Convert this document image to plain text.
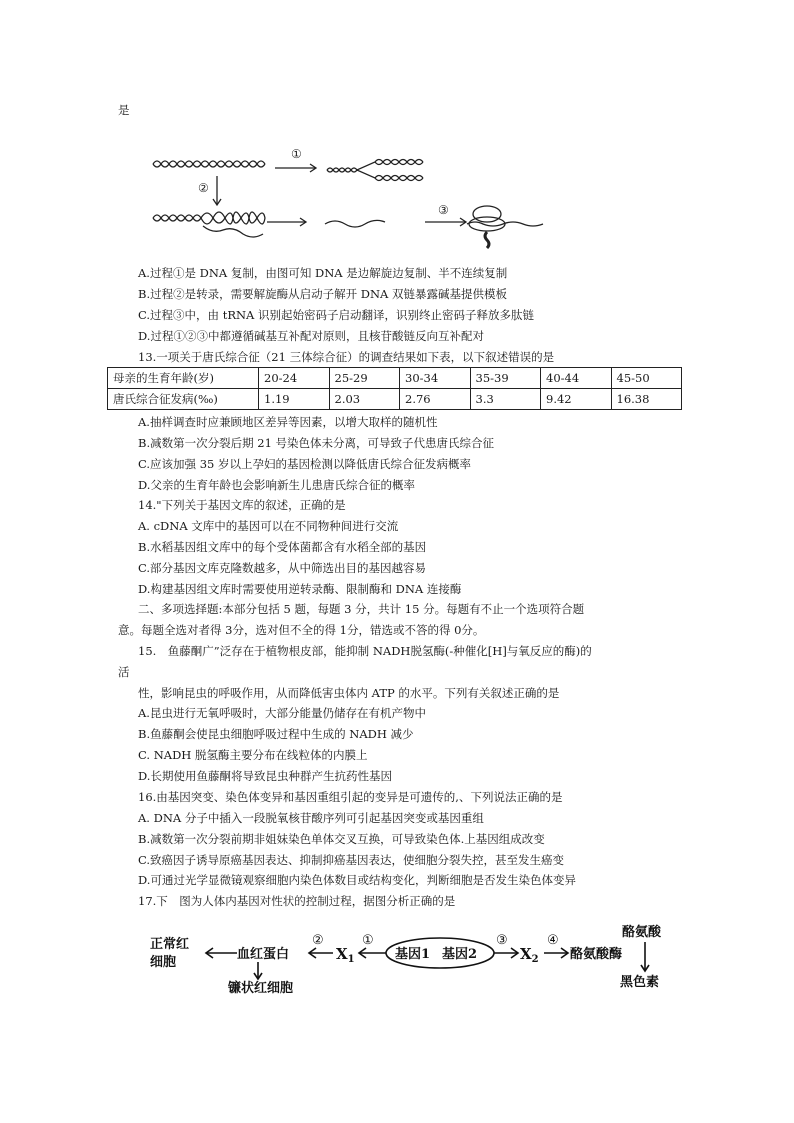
是
①
②
③
A.过程①是 DNA 复制，由图可知 DNA 是边解旋边复制、半不连续复制
B.过程②是转录，需要解旋酶从启动子解开 DNA 双链暴露碱基提供模板
C.过程③中，由 tRNA 识别起始密码子启动翻译，识别终止密码子释放多肽链
D.过程①②③中都遵循碱基互补配对原则，且核苷酸链反向互补配对
13.一项关于唐氏综合征（21 三体综合征）的调查结果如下表，以下叙述错误的是
母亲的生育年龄(岁)	20-24	25-29	30-34	35-39	40-44	45-50
唐氏综合征发病(‰)	1.19	2.03	2.76	3.3	9.42	16.38
A.抽样调查时应兼顾地区差异等因素，以增大取样的随机性
B.减数第一次分裂后期 21 号染色体未分离，可导致子代患唐氏综合征
C.应该加强 35 岁以上孕妇的基因检测以降低唐氏综合征发病概率
D.父亲的生育年龄也会影响新生儿患唐氏综合征的概率
14."下列关于基因文库的叙述，正确的是
A. cDNA 文库中的基因可以在不同物种间进行交流
B.水稻基因组文库中的每个受体菌都含有水稻全部的基因
C.部分基因文库克隆数越多，从中筛选出目的基因越容易
D.构建基因组文库时需要使用逆转录酶、限制酶和 DNA 连接酶
二、多项选择题:本部分包括 5 题，每题 3 分，共计 15 分。每题有不止一个选项符合题
意。每题全选对者得 3分，选对但不全的得 1分，错选或不答的得 0分。
15.　鱼藤酮广”泛存在于植物根皮部，能抑制 NADH脱氢酶(-种催化[H]与氧反应的酶)的
活
性，影响昆虫的呼吸作用，从而降低害虫体内 ATP 的水平。下列有关叙述正确的是
A.昆虫进行无氧呼吸时，大部分能量仍储存在有机产物中
B.鱼藤酮会使昆虫细胞呼吸过程中生成的 NADH 减少
C. NADH 脱氢酶主要分布在线粒体的内膜上
D.长期使用鱼藤酮将导致昆虫种群产生抗药性基因
16.由基因突变、染色体变异和基因重组引起的变异是可遗传的,、下列说法正确的是
A. DNA 分子中插入一段脱氧核苷酸序列可引起基因突变或基因重组
B.减数第一次分裂前期非姐妹染色单体交叉互换，可导致染色体.上基因组成改变
C.致癌因子诱导原癌基因表达、抑制抑癌基因表达，使细胞分裂失控，甚至发生癌变
D.可通过光学显微镜观察细胞内染色体数目或结构变化，判断细胞是否发生染色体变异
17.下　图为人体内基因对性状的控制过程，据图分析正确的是
正常红
细胞
血红蛋白
镰状红细胞
$X_1$	基因1 基因2	$X_2$ 酪氨酸酶
酪氨酸
黑色素
②	①	③	④
